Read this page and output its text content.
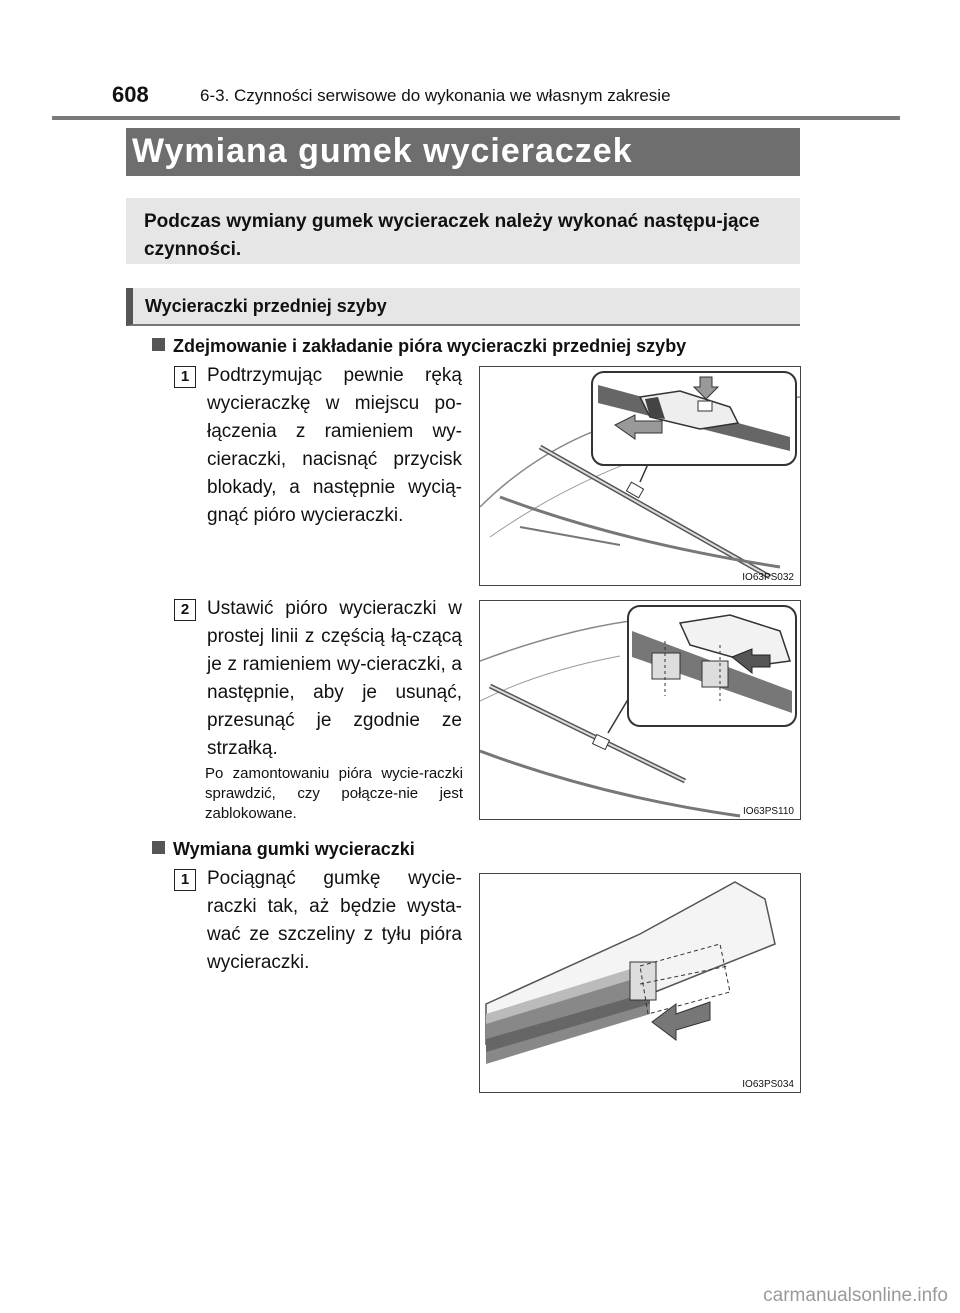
608	6-3. Czynności serwisowe do wykonania we własnym zakresie
Wymiana gumek wycieraczek
Podczas wymiany gumek wycieraczek należy wykonać następu-jące czynności.
Wycieraczki przedniej szyby
Zdejmowanie i zakładanie pióra wycieraczki przedniej szyby
1 Podtrzymując pewnie ręką wycieraczkę w miejscu po-łączenia z ramieniem wy-cieraczki, nacisnąć przycisk blokady, a następnie wycią-gnąć pióro wycieraczki.
IO63PS032
2 Ustawić pióro wycieraczki w prostej linii z częścią łą-czącą je z ramieniem wy-cieraczki, a następnie, aby je usunąć, przesunąć je zgodnie ze strzałką.
Po zamontowaniu pióra wycie-raczki sprawdzić, czy połącze-nie jest zablokowane.	IO63PS110
Wymiana gumki wycieraczki
1 Pociągnąć gumkę wycie-raczki tak, aż będzie wysta-wać ze szczeliny z tyłu pióra wycieraczki.
IO63PS034
carmanualsonline.info
